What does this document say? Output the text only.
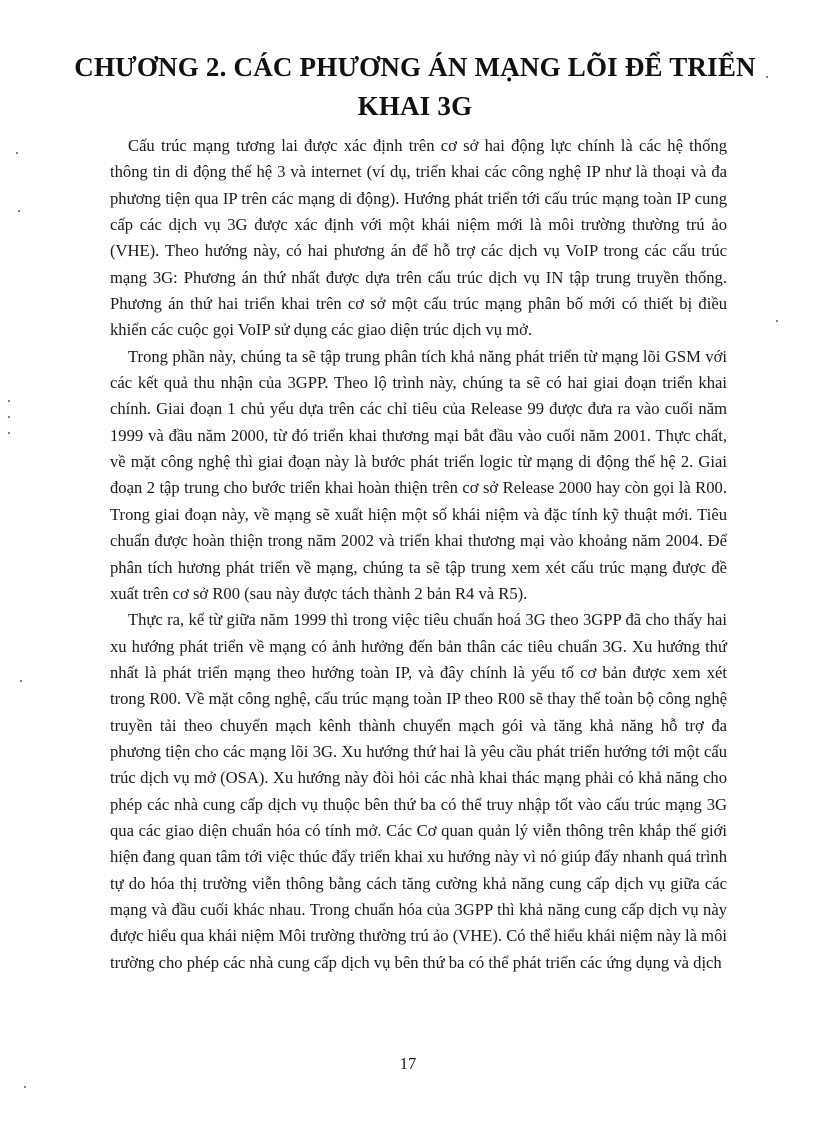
CHƯƠNG 2. CÁC PHƯƠNG ÁN MẠNG LÕI ĐỂ TRIỂN
KHAI 3G

Cấu trúc mạng tương lai được xác định trên cơ sở hai động lực chính là các hệ thống thông tin di động thế hệ 3 và internet (ví dụ, triển khai các công nghệ IP như là thoại và đa phương tiện qua IP trên các mạng di động). Hướng phát triển tới cấu trúc mạng toàn IP cung cấp các dịch vụ 3G được xác định với một khái niệm mới là môi trường thường trú ảo (VHE). Theo hướng này, có hai phương án để hỗ trợ các dịch vụ VoIP trong các cấu trúc mạng 3G: Phương án thứ nhất được dựa trên cấu trúc dịch vụ IN tập trung truyền thống. Phương án thứ hai triển khai trên cơ sở một cấu trúc mạng phân bố mới có thiết bị điều khiển các cuộc gọi VoIP sử dụng các giao diện trúc dịch vụ mở.

Trong phần này, chúng ta sẽ tập trung phân tích khả năng phát triển từ mạng lõi GSM với các kết quả thu nhận của 3GPP. Theo lộ trình này, chúng ta sẽ có hai giai đoạn triển khai chính. Giai đoạn 1 chủ yếu dựa trên các chỉ tiêu của Release 99 được đưa ra vào cuối năm 1999 và đầu năm 2000, từ đó triển khai thương mại bắt đầu vào cuối năm 2001. Thực chất, về mặt công nghệ thì giai đoạn này là bước phát triển logic từ mạng di động thế hệ 2. Giai đoạn 2 tập trung cho bước triển khai hoàn thiện trên cơ sở Release 2000 hay còn gọi là R00. Trong giai đoạn này, về mạng sẽ xuất hiện một số khái niệm và đặc tính kỹ thuật mới. Tiêu chuẩn được hoàn thiện trong năm 2002 và triển khai thương mại vào khoảng năm 2004. Để phân tích hương phát triển về mạng, chúng ta sẽ tập trung xem xét cấu trúc mạng được đề xuất trên cơ sở R00 (sau này được tách thành 2 bản R4 và R5).

Thực ra, kể từ giữa năm 1999 thì trong việc tiêu chuẩn hoá 3G theo 3GPP đã cho thấy hai xu hướng phát triển về mạng có ảnh hưởng đến bản thân các tiêu chuẩn 3G. Xu hướng thứ nhất là phát triển mạng theo hướng toàn IP, và đây chính là yếu tố cơ bản được xem xét trong R00. Về mặt công nghệ, cấu trúc mạng toàn IP theo R00 sẽ thay thế toàn bộ công nghệ truyền tải theo chuyển mạch kênh thành chuyển mạch gói và tăng khả năng hỗ trợ đa phương tiện cho các mạng lõi 3G. Xu hướng thứ hai là yêu cầu phát triển hướng tới một cấu trúc dịch vụ mở (OSA). Xu hướng này đòi hỏi các nhà khai thác mạng phải có khả năng cho phép các nhà cung cấp dịch vụ thuộc bên thứ ba có thể truy nhập tốt vào cấu trúc mạng 3G qua các giao diện chuẩn hóa có tính mở. Các Cơ quan quản lý viễn thông trên khắp thế giới hiện đang quan tâm tới việc thúc đẩy triển khai xu hướng này vì nó giúp đẩy nhanh quá trình tự do hóa thị trường viễn thông bằng cách tăng cường khả năng cung cấp dịch vụ giữa các mạng và đầu cuối khác nhau. Trong chuẩn hóa của 3GPP thì khả năng cung cấp dịch vụ này được hiểu qua khái niệm Môi trường thường trú ảo (VHE). Có thể hiểu khái niệm này là môi trường cho phép các nhà cung cấp dịch vụ bên thứ ba có thể phát triển các ứng dụng và dịch

17
